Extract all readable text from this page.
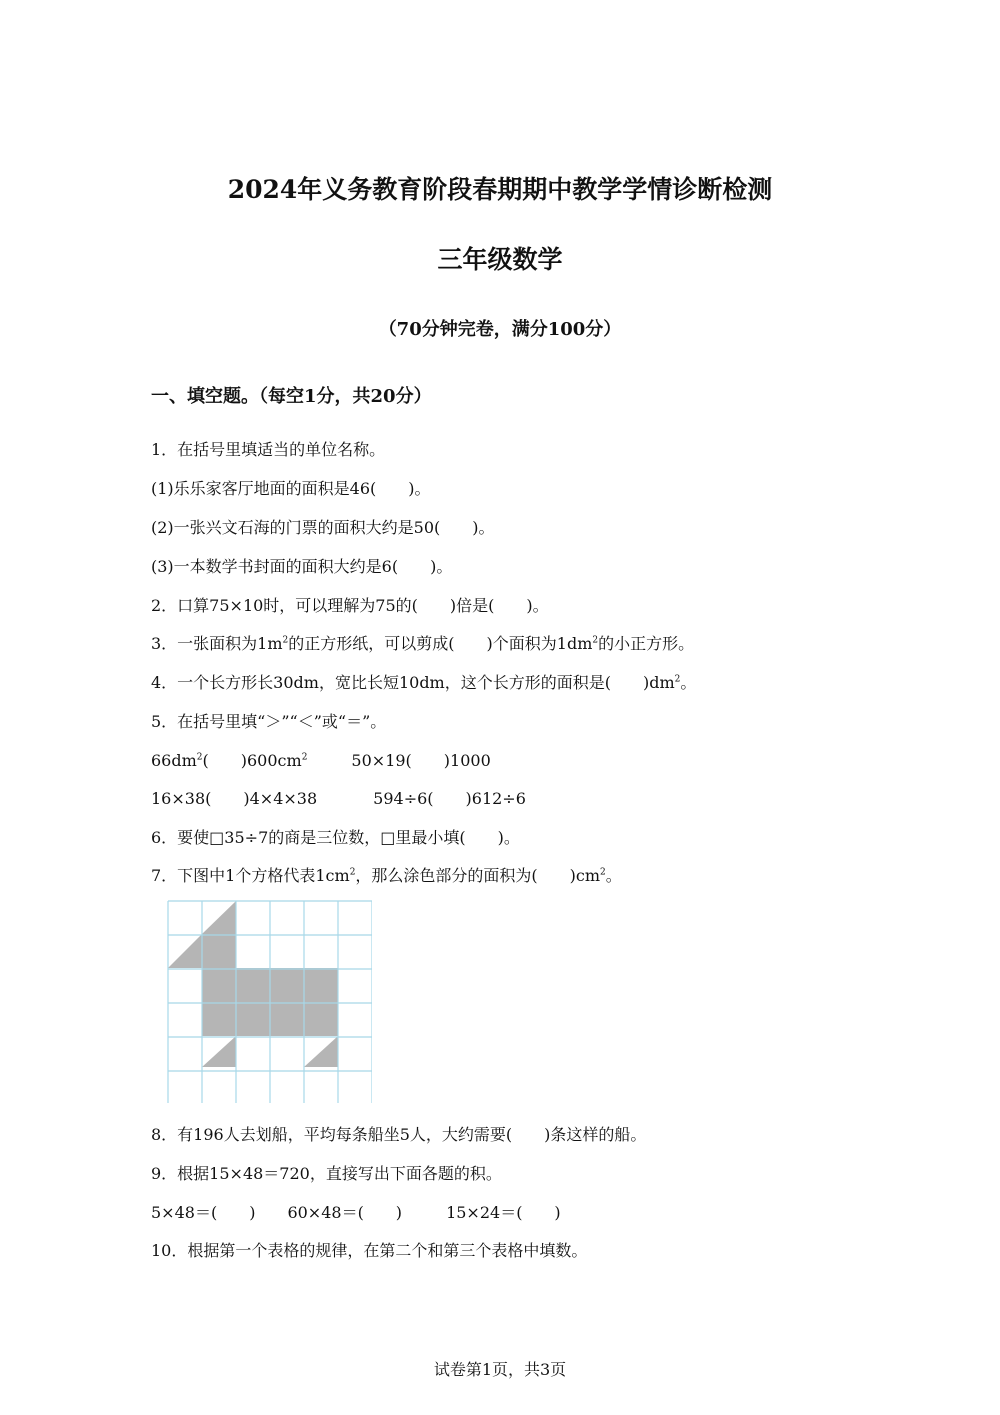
2024年义务教育阶段春期期中教学学情诊断检测
三年级数学
（70分钟完卷，满分100分）
一、填空题。（每空1分，共20分）
1．在括号里填适当的单位名称。
(1)乐乐家客厅地面的面积是46(　　)。
(2)一张兴文石海的门票的面积大约是50(　　)。
(3)一本数学书封面的面积大约是6(　　)。
2．口算75×10时，可以理解为75的(　　)倍是(　　)。
3．一张面积为$1m^2$的正方形纸，可以剪成(　　)个面积为$1dm^2$的小正方形。
4．一个长方形长30dm，宽比长短10dm，这个长方形的面积是(　　)$dm^2$。
5．在括号里填“＞”“＜”或“＝”。
$66dm^2$(　　)$600cm^2$	50×19(　　)1000
16×38(　　)4×4×38	594÷6(　　)612÷6
6．要使□35÷7的商是三位数，□里最小填(　　)。
7．下图中1个方格代表$1cm^2$，那么涂色部分的面积为(　　)$cm^2$。
8．有196人去划船，平均每条船坐5人，大约需要(　　)条这样的船。
9．根据15×48＝720，直接写出下面各题的积。
5×48＝(　　) 60×48＝(　　)	15×24＝(　　)
10．根据第一个表格的规律，在第二个和第三个表格中填数。
试卷第1页，共3页
